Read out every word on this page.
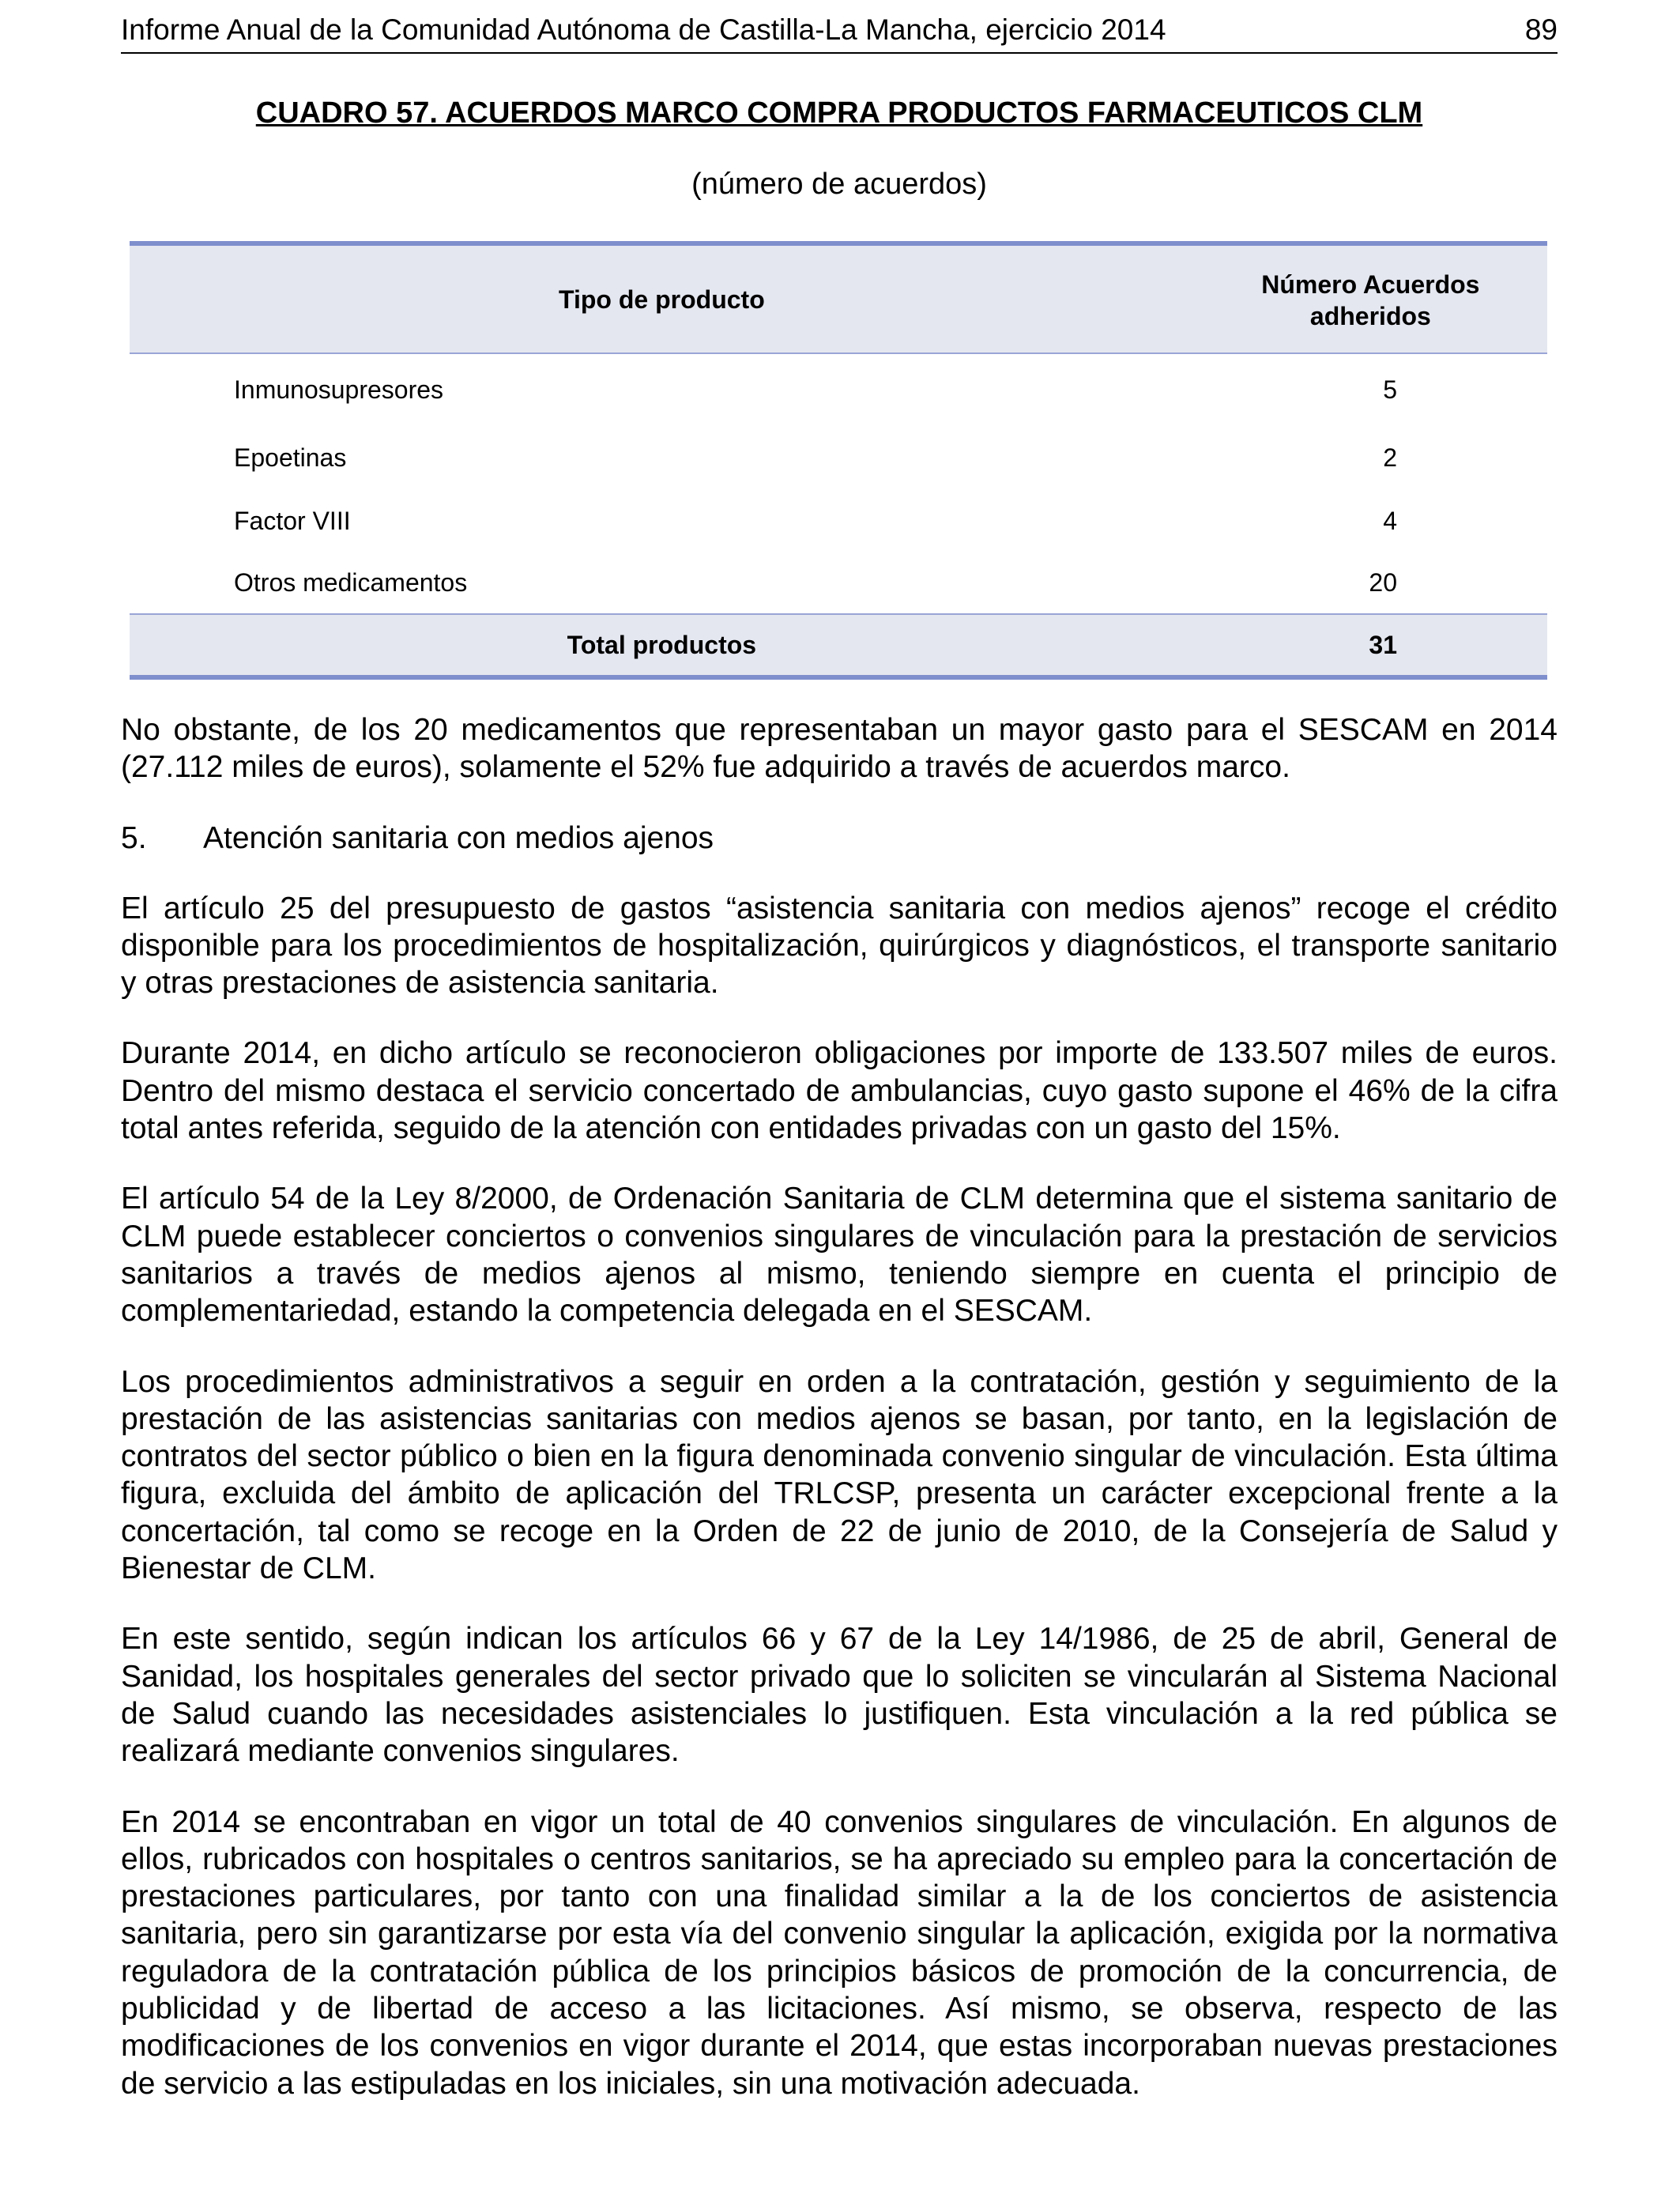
Informe Anual de la Comunidad Autónoma de Castilla-La Mancha, ejercicio 2014	89
CUADRO 57. ACUERDOS MARCO COMPRA PRODUCTOS FARMACEUTICOS CLM
(número de acuerdos)
Tipo de producto	Número Acuerdos
adheridos
Inmunosupresores	5
Epoetinas	2
Factor VIII	4
Otros medicamentos	20
Total productos	31

No obstante, de los 20 medicamentos que representaban un mayor gasto para el SESCAM en 2014 (27.112 miles de euros), solamente el 52% fue adquirido a través de acuerdos marco.

5. Atención sanitaria con medios ajenos

El artículo 25 del presupuesto de gastos “asistencia sanitaria con medios ajenos” recoge el crédito disponible para los procedimientos de hospitalización, quirúrgicos y diagnósticos, el transporte sanitario y otras prestaciones de asistencia sanitaria.

Durante 2014, en dicho artículo se reconocieron obligaciones por importe de 133.507 miles de euros. Dentro del mismo destaca el servicio concertado de ambulancias, cuyo gasto supone el 46% de la cifra total antes referida, seguido de la atención con entidades privadas con un gasto del 15%.

El artículo 54 de la Ley 8/2000, de Ordenación Sanitaria de CLM determina que el sistema sanitario de CLM puede establecer conciertos o convenios singulares de vinculación para la prestación de servicios sanitarios a través de medios ajenos al mismo, teniendo siempre en cuenta el principio de complementariedad, estando la competencia delegada en el SESCAM.

Los procedimientos administrativos a seguir en orden a la contratación, gestión y seguimiento de la prestación de las asistencias sanitarias con medios ajenos se basan, por tanto, en la legislación de contratos del sector público o bien en la figura denominada convenio singular de vinculación. Esta última figura, excluida del ámbito de aplicación del TRLCSP, presenta un carácter excepcional frente a la concertación, tal como se recoge en la Orden de 22 de junio de 2010, de la Consejería de Salud y Bienestar de CLM.

En este sentido, según indican los artículos 66 y 67 de la Ley 14/1986, de 25 de abril, General de Sanidad, los hospitales generales del sector privado que lo soliciten se vincularán al Sistema Nacional de Salud cuando las necesidades asistenciales lo justifiquen. Esta vinculación a la red pública se realizará mediante convenios singulares.

En 2014 se encontraban en vigor un total de 40 convenios singulares de vinculación. En algunos de ellos, rubricados con hospitales o centros sanitarios, se ha apreciado su empleo para la concertación de prestaciones particulares, por tanto con una finalidad similar a la de los conciertos de asistencia sanitaria, pero sin garantizarse por esta vía del convenio singular la aplicación, exigida por la normativa reguladora de la contratación pública de los principios básicos de promoción de la concurrencia, de publicidad y de libertad de acceso a las licitaciones. Así mismo, se observa, respecto de las modificaciones de los convenios en vigor durante el 2014, que estas incorporaban nuevas prestaciones de servicio a las estipuladas en los iniciales, sin una motivación adecuada.
